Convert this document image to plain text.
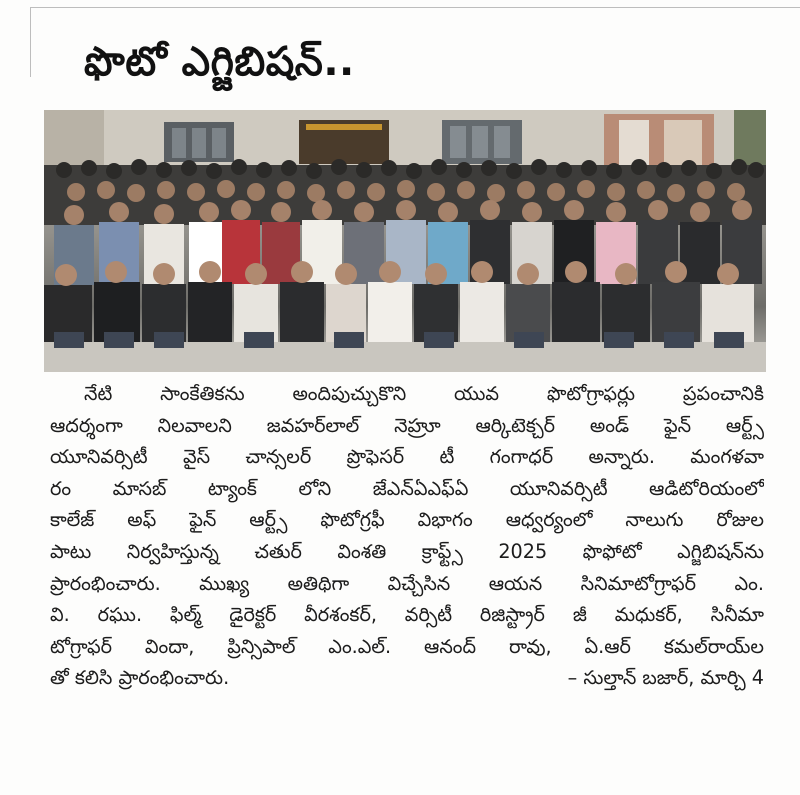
ఫొటో ఎగ్జిబిషన్..
నేటి సాంకేతికను అందిపుచ్చుకొని యువ ఫొటోగ్రాఫర్లు ప్రపంచానికి
ఆదర్శంగా నిలవాలని జవహర్‌లాల్ నెహ్రూ ఆర్కిటెక్చర్ అండ్ ఫైన్ ఆర్ట్స్
యూనివర్సిటీ వైస్ చాన్సలర్ ప్రొఫెసర్ టీ గంగాధర్ అన్నారు. మంగళవా
రం మాసబ్ ట్యాంక్ లోని జేఎన్ఏఎఫ్ఏ యూనివర్సిటీ ఆడిటోరియంలో
కాలేజ్ అఫ్ ఫైన్ ఆర్ట్స్ ఫొటోగ్రఫీ విభాగం ఆధ్వర్యంలో నాలుగు రోజుల
పాటు నిర్వహిస్తున్న చతుర్ వింశతి క్రాఫ్ట్స్ 2025 ఫొఫోటో ఎగ్జిబిషన్‌ను
ప్రారంభించారు. ముఖ్య అతిథిగా విచ్చేసిన ఆయన సినిమాటోగ్రాఫర్ ఎం.
వి. రఘు. ఫిల్మ్ డైరెక్టర్ వీరశంకర్, వర్సిటీ రిజిస్ట్రార్ జీ మధుకర్, సినీమా
టోగ్రాఫర్ విందా, ప్రిన్సిపాల్ ఎం.ఎల్. ఆనంద్ రావు, ఏ.ఆర్ కమల్‌రాయ్‌ల
తో కలిసి ప్రారంభించారు.	– సుల్తాన్ బజార్, మార్చి 4
